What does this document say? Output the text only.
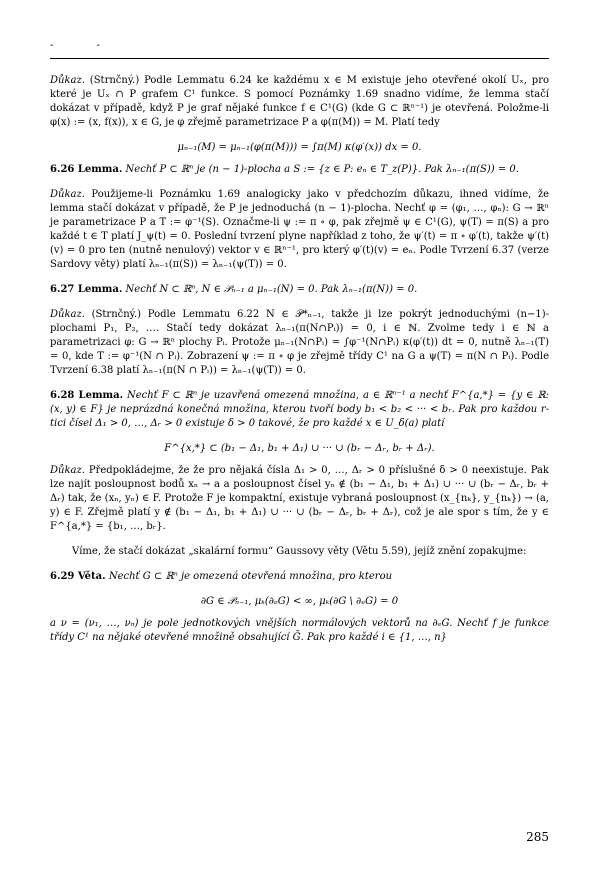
- -

Důkaz. (Strnčný.) Podle Lemmatu 6.24 ke každému x ∈ M existuje jeho otevřené okolí Uₓ, pro které je Uₓ ∩ P grafem C¹ funkce. S pomocí Poznámky 1.69 snadno vidíme, že lemma stačí dokázat v případě, když P je graf nějaké funkce f ∈ C¹(G) (kde G ⊂ ℝⁿ⁻¹) je otevřená. Položme-li φ(x) := (x, f(x)), x ∈ G, je φ zřejmě parametrizace P a φ(π(M)) = M. Platí tedy

μₙ₋₁(M) = μₙ₋₁(φ(π(M))) = ∫π(M) κ(φ′(x)) dx = 0.

6.26 Lemma. Nechť P ⊂ ℝⁿ je (n − 1)-plocha a S := {z ∈ P: eₙ ∈ T_z(P)}. Pak λₙ₋₁(π(S)) = 0.

Důkaz. Použijeme-li Poznámku 1.69 analogicky jako v předchozím důkazu, ihned vidíme, že lemma stačí dokázat v případě, že P je jednoduchá (n − 1)-plocha. Nechť φ = (φ₁, …, φₙ): G → ℝⁿ je parametrizace P a T := φ⁻¹(S). Označme-li ψ := π ∘ φ, pak zřejmě ψ ∈ C¹(G), ψ(T) = π(S) a pro každé t ∈ T platí J_ψ(t) = 0. Poslední tvrzení plyne například z toho, že ψ′(t) = π ∘ φ′(t), takže ψ′(t)(v) = 0 pro ten (nutně nenulový) vektor v ∈ ℝⁿ⁻¹, pro který φ′(t)(v) = eₙ. Podle Tvrzení 6.37 (verze Sardovy věty) platí λₙ₋₁(π(S)) = λₙ₋₁(ψ(T)) = 0.

6.27 Lemma. Nechť N ⊂ ℝⁿ, N ∈ 𝒫ₙ₋₁ a μₙ₋₁(N) = 0. Pak λₙ₋₁(π(N)) = 0.

Důkaz. (Strnčný.) Podle Lemmatu 6.22 N ∈ 𝒫*ₙ₋₁, takže ji lze pokrýt jednoduchými (n−1)-plochami P₁, P₂, …. Stačí tedy dokázat λₙ₋₁(π(N∩Pᵢ)) = 0, i ∈ ℕ. Zvolme tedy i ∈ ℕ a parametrizaci φ: G → ℝⁿ plochy Pᵢ. Protože μₙ₋₁(N∩Pᵢ) = ∫φ⁻¹(N∩Pᵢ) κ(φ′(t)) dt = 0, nutně λₙ₋₁(T) = 0, kde T := φ⁻¹(N ∩ Pᵢ). Zobrazení ψ := π ∘ φ je zřejmě třídy C¹ na G a ψ(T) = π(N ∩ Pᵢ). Podle Tvrzení 6.38 platí λₙ₋₁(π(N ∩ Pᵢ)) = λₙ₋₁(ψ(T)) = 0.

6.28 Lemma. Nechť F ⊂ ℝⁿ je uzavřená omezená množina, a ∈ ℝⁿ⁻¹ a nechť F^{a,*} = {y ∈ ℝ: (x, y) ∈ F} je neprázdná konečná množina, kterou tvoří body b₁ < b₂ < ··· < bᵣ. Pak pro každou r-tici čísel Δ₁ > 0, …, Δᵣ > 0 existuje δ > 0 takové, že pro každé x ∈ U_δ(a) platí

F^{x,*} ⊂ (b₁ − Δ₁, b₁ + Δ₁) ∪ ··· ∪ (bᵣ − Δᵣ, bᵣ + Δᵣ).

Důkaz. Předpokládejme, že že pro nějaká čísla Δ₁ > 0, …, Δᵣ > 0 příslušné δ > 0 neexistuje. Pak lze najít posloupnost bodů xₙ → a a posloupnost čísel yₙ ∉ (b₁ − Δ₁, b₁ + Δ₁) ∪ ··· ∪ (bᵣ − Δᵣ, bᵣ + Δᵣ) tak, že (xₙ, yₙ) ∈ F. Protože F je kompaktní, existuje vybraná posloupnost (x_{nₖ}, y_{nₖ}) → (a, y) ∈ F. Zřejmě platí y ∉ (b₁ − Δ₁, b₁ + Δ₁) ∪ ··· ∪ (bᵣ − Δᵣ, bᵣ + Δᵣ), což je ale spor s tím, že y ∈ F^{a,*} = {b₁, …, bᵣ}.

Víme, že stačí dokázat „skalární formu“ Gaussovy věty (Větu 5.59), jejíž znění zopakujme:

6.29 Věta. Nechť G ⊂ ℝⁿ je omezená otevřená množina, pro kterou

∂G ∈ 𝒫ₙ₋₁, μₖ(∂ₑG) < ∞, μₖ(∂G \ ∂ₑG) = 0

a ν = (ν₁, …, νₙ) je pole jednotkových vnějších normálových vektorů na ∂ₑG. Nechť f je funkce třídy C¹ na nějaké otevřené množině obsahující Ḡ. Pak pro každé i ∈ {1, …, n}

285
